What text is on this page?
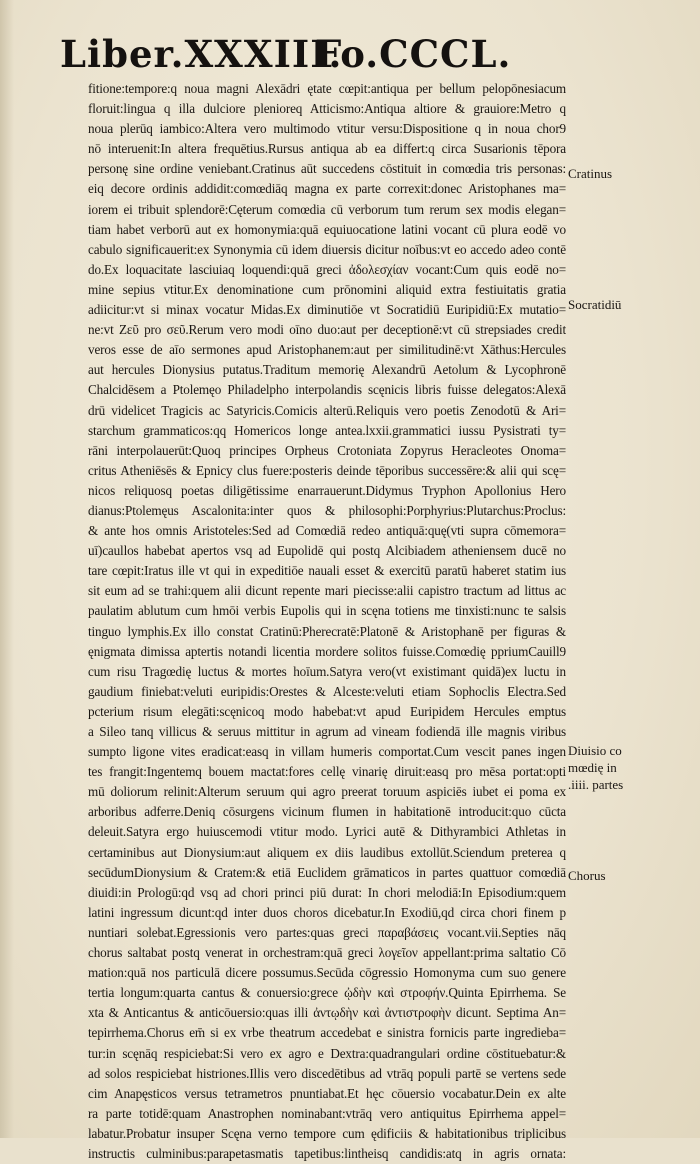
Liber.XXXIII.
Fo.CCCL.
fitione:tempore:q noua magni Alexādri ętate cœpit:antiqua per bellum pelopōnesiacum
floruit:lingua q illa dulciore plenioreq Atticismo:Antiqua altiore & grauiore:Metro q
noua plerūq iambico:Altera vero multimodo vtitur versu:Dispositione q in noua chor9
nō interuenit:In altera frequētius.Rursus antiqua ab ea differt:q circa Susarionis tēpora
personę sine ordine veniebant.Cratinus aūt succedens cōstituit in comœdia tris personas:
eiq decore ordinis addidit:comœdiāq magna ex parte correxit:donec Aristophanes ma=
iorem ei tribuit splendorē:Cęterum comœdia cū verborum tum rerum sex modis elegan=
tiam habet verborū aut ex homonymia:quā equiuocatione latini vocant cū plura eodē vo
cabulo significauerit:ex Synonymia cū idem diuersis dicitur noībus:vt eo accedo adeo contē
do.Ex loquacitate lasciuiaq loquendi:quā greci ἀδολεσχίαν vocant:Cum quis eodē no=
mine sepius vtitur.Ex denominatione cum prōnomini aliquid extra festiuitatis gratia
adiicitur:vt si minax vocatur Midas.Ex diminutiōe vt Socratidiū Euripidiū:Ex mutatio=
ne:vt Ζεῦ pro σεῦ.Rerum vero modi oīno duo:aut per deceptionē:vt cū strepsiades credit
veros esse de aīo sermones apud Aristophanem:aut per similitudinē:vt Xāthus:Hercules
aut hercules Dionysius putatus.Traditum memorię Alexandrū Aetolum & Lycophronē
Chalcidēsem a Ptolemęo Philadelpho interpolandis scęnicis libris fuisse delegatos:Alexā
drū videlicet Tragicis ac Satyricis.Comicis alterū.Reliquis vero poetis Zenodotū & Ari=
starchum grammaticos:qq Homericos longe antea.lxxii.grammatici iussu Pysistrati ty=
rāni interpolauerūt:Quoq principes Orpheus Crotoniata Zopyrus Heracleotes Onoma=
critus Atheniēsēs & Epnicy clus fuere:posteris deinde tēporibus successēre:& alii qui scę=
nicos reliquosq poetas diligētissime enarrauerunt.Didymus Tryphon Apollonius Hero
dianus:Ptolemęus Ascalonita:inter quos & philosophi:Porphyrius:Plutarchus:Proclus:
& ante hos omnis Aristoteles:Sed ad Comœdiā redeo antiquā:quę(vti supra cōmemora=
uī)caullos habebat apertos vsq ad Eupolidē qui postq Alcibiadem atheniensem ducē no
tare cœpit:Iratus ille vt qui in expeditiōe nauali esset & exercitū paratū haberet statim ius
sit eum ad se trahi:quem alii dicunt repente mari piecisse:alii capistro tractum ad littus ac
paulatim ablutum cum hmōi verbis Eupolis qui in scęna totiens me tinxisti:nunc te salsis
tinguo lymphis.Ex illo constat Cratinū:Pherecratē:Platonē & Aristophanē per figuras &
ęnigmata dimissa aptertis notandi licentia mordere solitos fuisse.Comœdię ppriumCauill9
cum risu Tragœdię luctus & mortes hoīum.Satyra vero(vt existimant quidā)ex luctu in
gaudium finiebat:veluti euripidis:Orestes & Alceste:veluti etiam Sophoclis Electra.Sed
pcterium risum elegāti:scęnicoq modo habebat:vt apud Euripidem Hercules emptus
a Sileo tanq villicus & seruus mittitur in agrum ad vineam fodiendā ille magnis viribus
sumpto ligone vites eradicat:easq in villam humeris comportat.Cum vescit panes ingen
tes frangit:Ingentemq bouem mactat:fores cellę vinarię diruit:easq pro mēsa portat:opti
mū doliorum relinit:Alterum seruum qui agro preerat toruum aspiciēs iubet ei poma ex
arboribus adferre.Deniq cōsurgens vicinum flumen in habitationē introducit:quo cūcta
deleuit.Satyra ergo huiuscemodi vtitur modo. Lyrici autē & Dithyrambici Athletas in
certaminibus aut Dionysium:aut aliquem ex diis laudibus extollūt.Sciendum preterea q
secūdumDionysium & Cratem:& etiā Euclidem grāmaticos in partes quattuor comœdiā
diuidi:in Prologū:qd vsq ad chori princi piū durat: In chori melodiā:In Episodium:quem
latini ingressum dicunt:qd inter duos choros dicebatur.In Exodiū,qd circa chori finem p
nuntiari solebat.Egressionis vero partes:quas greci παραβάσεις vocant.vii.Septies nāq
chorus saltabat postq venerat in orchestram:quā greci λογεῖον appellant:prima saltatio Cō
mation:quā nos particulā dicere possumus.Secūda cōgressio Homonyma cum suo genere
tertia longum:quarta cantus & conuersio:grece ᾠδὴν καὶ στροφήν.Quinta Epirrhema. Se
xta & Anticantus & anticōuersio:quas illi ἀντῳδὴν καὶ ἀντιστροφὴν dicunt. Septima An=
tepirrhema.Chorus em̄ si ex vrbe theatrum accedebat e sinistra fornicis parte ingredieba=
tur:in scęnāq respiciebat:Si vero ex agro e Dextra:quadrangulari ordine cōstituebatur:&
ad solos respiciebat histriones.Illis vero discedētibus ad vtrāq populi partē se vertens sede
cim Anapęsticos versus tetrametros pnuntiabat.Et hęc cōuersio vocabatur.Dein ex alte
ra parte totidē:quam Anastrophen nominabant:vtrāq vero antiquitus Epirrhema appel=
labatur.Probatur insuper Scęna verno tempore cum ędificiis & habitationibus triplicibus
instructis culminibus:parapetasmatis tapetibus:lintheisq candidis:atq in agris ornata:
Cratinus
Socratidiū
Diuisio co
mœdię in
.iiii. partes
Chorus
